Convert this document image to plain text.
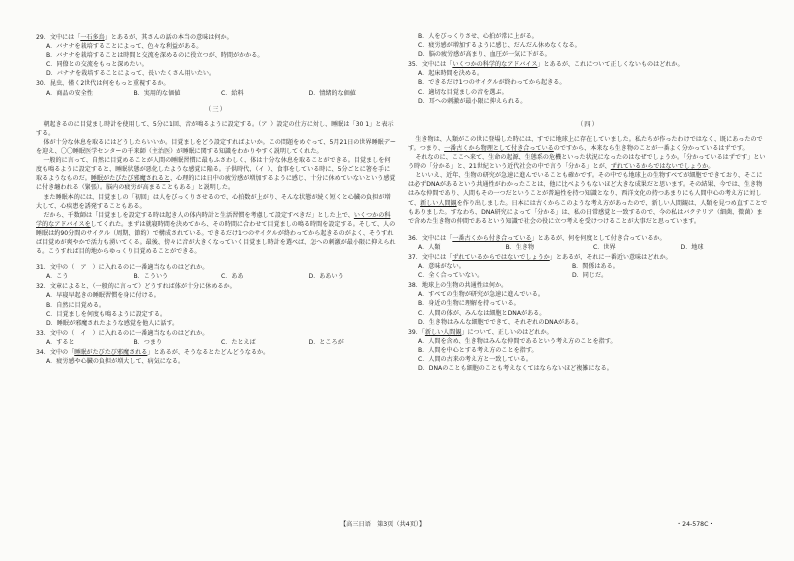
29．文中には「一石多鳥」とあるが、其さんの話の本当の意味は何か。

A．バナナを栽培することによって、色々な利益がある。

B．バナナを栽培することは時間と交流を深めるのに役立つが、時間がかかる。

C．同僚との交流をもっと深めたい。

D．バナナを栽培することによって、長いたくさん用いたい。

30．昆虫、僅く2世代は何をもっと重視するか。

A．商品の安全性	B．実用的な価値	C．給料	D．情緒的な価値

（三）

朝起きるのに目覚まし時計を使用して、5分に1回、音が鳴るように設定する。（ア）設定の仕方に対し、睡眠は「30 1」と表示する。

体が十分な休息を取るにはどうしたらいいか。目覚ましをどう設定すればよいか。この問題をめぐって、5月21日の世界睡眠デー を迎え、〇〇睡眠医学センターの千来師（主治医）が睡眠に関する知識をわかりやすく説明してくれた。

一般的に言って、自然に目覚めることが人間の睡眠習慣に最もふさわしく、体は十分な休息を取ることができる。目覚ましを何度も鳴るように設定すると、睡眠状態が悪化したような感覚に陥る。子供時代、（イ）、食事をしている時に、5分ごとに箸を手に取るようなものだ。睡眠がたびたび邪魔されると、心理的には日中の疲労感が増加するように感じ、十分に休めていないという感覚に付き纏われる（緊張）。脳内の疲労が高まることもある」と説明した。

また睡眠本的には、目覚ましの「初回」は人をびっくりさせるので、心拍数が上がり、そんな状態が続く短くと心臓の負担が増大して、心疾患を誘発することもある。

だから、千数師は「目覚ましを設定する時は起き人の体内時計と生活習慣を考慮して設定すべきだ」とした上で、いくつかの科学的なアドバイスをしてくれた。まずは就寝時間を決めてから、その時間に合わせて目覚ましの鳴る時間を設定する。そして、人の睡眠は約90分間のサイクル（周期、節約）で構成されている。できるだけ1つのサイクルが終わってから起きるのがよく、そうすれば目覚めが爽やかで活力も湧いてくる。最後、傍々に音が大きくなっていく目覚まし時計を選べば、怎への刺激が最小限に抑えられる。こうすれば目的地からゆっくり目覚めることができる。

31．文中の（　ア　）に入れるのに一番適当なものはどれか。

A．こう	B．こういう	C．ああ	D．ああいう

32．文章によると、（一般的に言って）どうすれば体が十分に休めるか。

A．早寝早起きの睡眠習慣を身に付ける。

B．自然に目覚める。

C．目覚ましを何度も鳴るように設定する。

D．睡眠が邪魔されたような感覚を他人に話す。

33．文中の（　イ　）に入れるのに一番適当なものはどれか。

A．すると	B．つまり	C．たとえば	D．ところが

34．文中の「睡眠がたびたび邪魔される」とあるが、そうなるとたどんどうなるか。

A．疲労感や心臓の負担が増大して、病気になる。

B．人をびっくりさせ、心拍が常に上がる。

C．疲労感が増加するように感じ、だんだん休めなくなる。

D．脳の疲労感が高まり、血圧が一気に下がる。

35．文中には「いくつかの科学的なアドバイス」とあるが、これについて正しくないものはどれか。

A．起床時間を決める。

B．できるだけ1つのサイクルが終わってから起きる。

C．適切な目覚ましの音を選ぶ。

D．耳への刺激が最小限に抑えられる。

（四）

生き物は、人類がこの世に登場した時には、すでに地球上に存在していました。私たちが作ったわけではなく、既にあったのです。つまり、一番古くから物理として付き合っているのですから、本来なら生き物のことが一番よく分かっているはずです。

それなのに、ここへ来て、生命の起源、生態系の危機といった状況になったのはなぜでしょうか。「分かっているはずです」という時の「分かる」と、21世紀という近代社会の中で言う「分かる」とが、ずれているからではないでしょうか。

といいえ、近年、生物の研究が急速に進んでいることも確かです。その中でも地球上の生物すべてが細胞でできており、そこには必ずDNAがあるという共通性がわかったことは、他に比べようもないほど大きな成果だと思います。その結果、今では、生き物はみな仲間であり、人間もその一つだということが普遍性を持つ知識となり、西洋文化の持つあまりにも人間中心の考え方に対して、新しい人間観を作り出しました。日本には古くからこのような考え方があったので、新しい人間観は、人類を見つめ直すことでもありました。すなわち、DNA研究によって「分かる」は、私の日常感覚と一致するので、今の私はバクテリア（細菌、微菌）まで含めた生き物の仲間であるという知識で社会の役に立つ考えを受けつけることが大事だと思っています。

36．文中には「一番古くから付き合っている」とあるが、何を何度として付き合っているか。

A．人類	B．生き物	C．世界	D．地球

37．文中には「ずれているからではないでしょうか」とあるが、それに一番近い意味はどれか。

A．意味がない。	B．関係はある。
C．全く合っていない。	D．同じだ。

38．地球上の生物の共通性は何か。

A．すべての生物が研究が急速に進んでいる。

B．身近の生物に理解を持っている。

C．人間の体が、みんなは細胞とDNAがある。

D．生き物はみんな細胞でできて、それぞれのDNAがある。

39．「新しい人間観」について、正しいのはどれか。

A．人間を含め、生き物はみんな仲間であるという考え方のことを指す。

B．人間を中心とする考え方のことを指す。

C．人間の古来の考え方と一致している。

D．DNAのことも細胞のことも考えなくてはならないほど複雑になる。

【高三日语　第3页（共4页）】	・24-578C・
